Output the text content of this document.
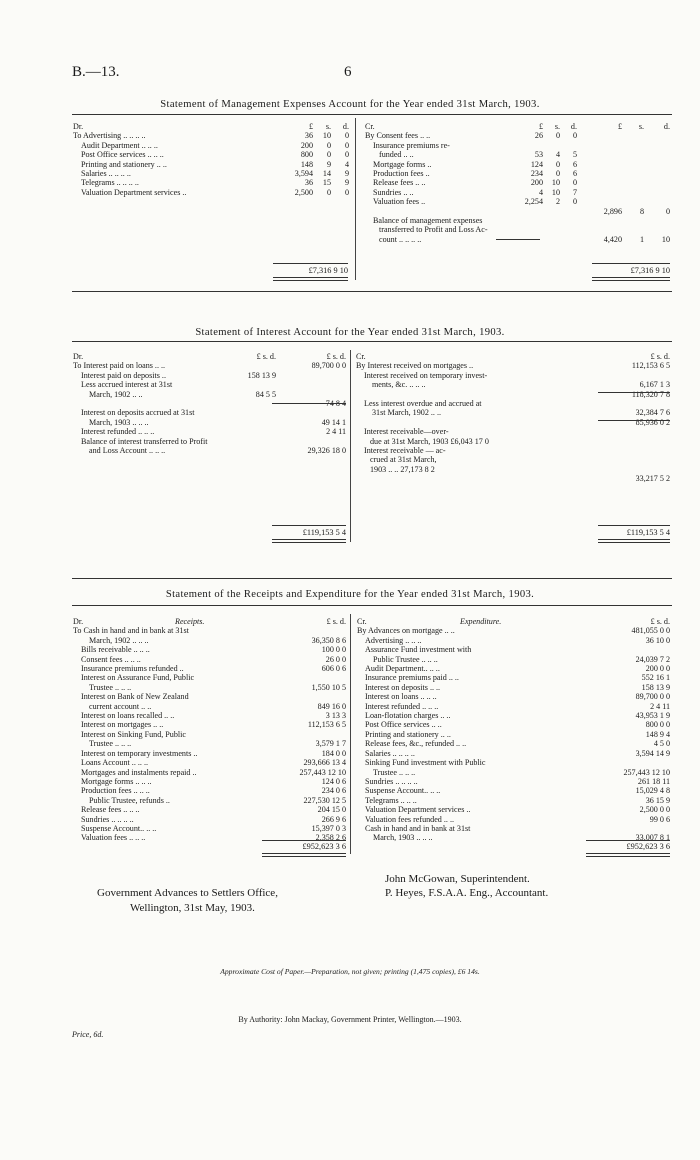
B.—13.	6
Statement of Management Expenses Account for the Year ended 31st March, 1903.
Dr.	Cr.
	£	s.	d.
To Advertising .. .. .. ..	36	10	0
Audit Department .. .. ..	200	0	0
Post Office services .. .. ..	800	0	0
Printing and stationery .. ..	148	9	4
Salaries .. .. .. ..	3,594	14	9
Telegrams .. .. .. ..	36	15	9
Valuation Department services ..	2,500	0	0
	£	s.	d.	£	s.	d.
By Consent fees .. ..	26	0	0			
Insurance premiums re-						
funded .. ..	53	4	5			
Mortgage forms ..	124	0	6			
Production fees ..	234	0	6			
Release fees .. ..	200	10	0			
Sundries .. ..	4	10	7			
Valuation fees ..	2,254	2	0			
				2,896	8	0
Balance of management expenses						
transferred to Profit and Loss Ac-						
count .. .. .. ..				4,420	1	10
£7,316 9 10	£7,316 9 10
Statement of Interest Account for the Year ended 31st March, 1903.
Dr.	Cr.
	£ s. d.	£ s. d.
To Interest paid on loans .. ..		89,700 0 0
Interest paid on deposits ..	158 13 9	
Less accrued interest at 31st		
March, 1902 .. ..	84 5 5	
		74 8 4
Interest on deposits accrued at 31st		
March, 1903 .. .. ..		49 14 1
Interest refunded .. .. ..		2 4 11
Balance of interest transferred to Profit		
and Loss Account .. .. ..		29,326 18 0
	£ s. d.
By Interest received on mortgages ..	112,153 6 5
Interest received on temporary invest-	
ments, &c. .. .. ..	6,167 1 3
	118,320 7 8
Less interest overdue and accrued at	
31st March, 1902 .. ..	32,384 7 6
	85,936 0 2

Interest receivable—over-	
due at 31st March, 1903 £6,043 17 0	
Interest receivable — ac-	
crued at 31st March,	
1903 .. .. 27,173 8 2	
	33,217 5 2
£119,153 5 4	£119,153 5 4
Statement of the Receipts and Expenditure for the Year ended 31st March, 1903.
Dr.	Receipts.	Cr.	Expenditure.
	£ s. d.
To Cash in hand and in bank at 31st	
March, 1902 .. .. ..	36,350 8 6
Bills receivable .. .. ..	100 0 0
Consent fees .. .. ..	26 0 0
Insurance premiums refunded ..	606 0 6
Interest on Assurance Fund, Public	
Trustee .. .. ..	1,550 10 5
Interest on Bank of New Zealand	
current account .. ..	849 16 0
Interest on loans recalled .. ..	3 13 3
Interest on mortgages .. ..	112,153 6 5
Interest on Sinking Fund, Public	
Trustee .. .. ..	3,579 1 7
Interest on temporary investments ..	184 0 0
Loans Account .. .. ..	293,666 13 4
Mortgages and instalments repaid ..	257,443 12 10
Mortgage forms .. .. ..	124 0 6
Production fees .. .. ..	234 0 6
Public Trustee, refunds ..	227,530 12 5
Release fees .. .. ..	204 15 0
Sundries .. .. .. ..	266 9 6
Suspense Account.. .. ..	15,397 0 3
Valuation fees .. .. ..	2,358 2 6
	£ s. d.
By Advances on mortgage .. ..	481,055 0 0
Advertising .. .. ..	36 10 0
Assurance Fund investment with	
Public Trustee .. .. ..	24,039 7 2
Audit Department.. .. ..	200 0 0
Insurance premiums paid .. ..	552 16 1
Interest on deposits .. ..	158 13 9
Interest on loans .. .. ..	89,700 0 0
Interest refunded .. .. ..	2 4 11
Loan-flotation charges .. ..	43,953 1 9
Post Office services .. ..	800 0 0
Printing and stationery .. ..	148 9 4
Release fees, &c., refunded .. ..	4 5 0
Salaries .. .. .. ..	3,594 14 9
Sinking Fund investment with Public	
Trustee .. .. ..	257,443 12 10
Sundries .. .. .. ..	261 18 11
Suspense Account.. .. ..	15,029 4 8
Telegrams .. .. ..	36 15 9
Valuation Department services ..	2,500 0 0
Valuation fees refunded .. ..	99 0 6
Cash in hand and in bank at 31st	
March, 1903 .. .. ..	33,007 8 1
£952,623 3 6	£952,623 3 6
Government Advances to Settlers Office,
Wellington, 31st May, 1903.
John McGowan, Superintendent.
P. Heyes, F.S.A.A. Eng., Accountant.
Approximate Cost of Paper.—Preparation, not given; printing (1,475 copies), £6 14s.
By Authority: John Mackay, Government Printer, Wellington.—1903.
Price, 6d.
